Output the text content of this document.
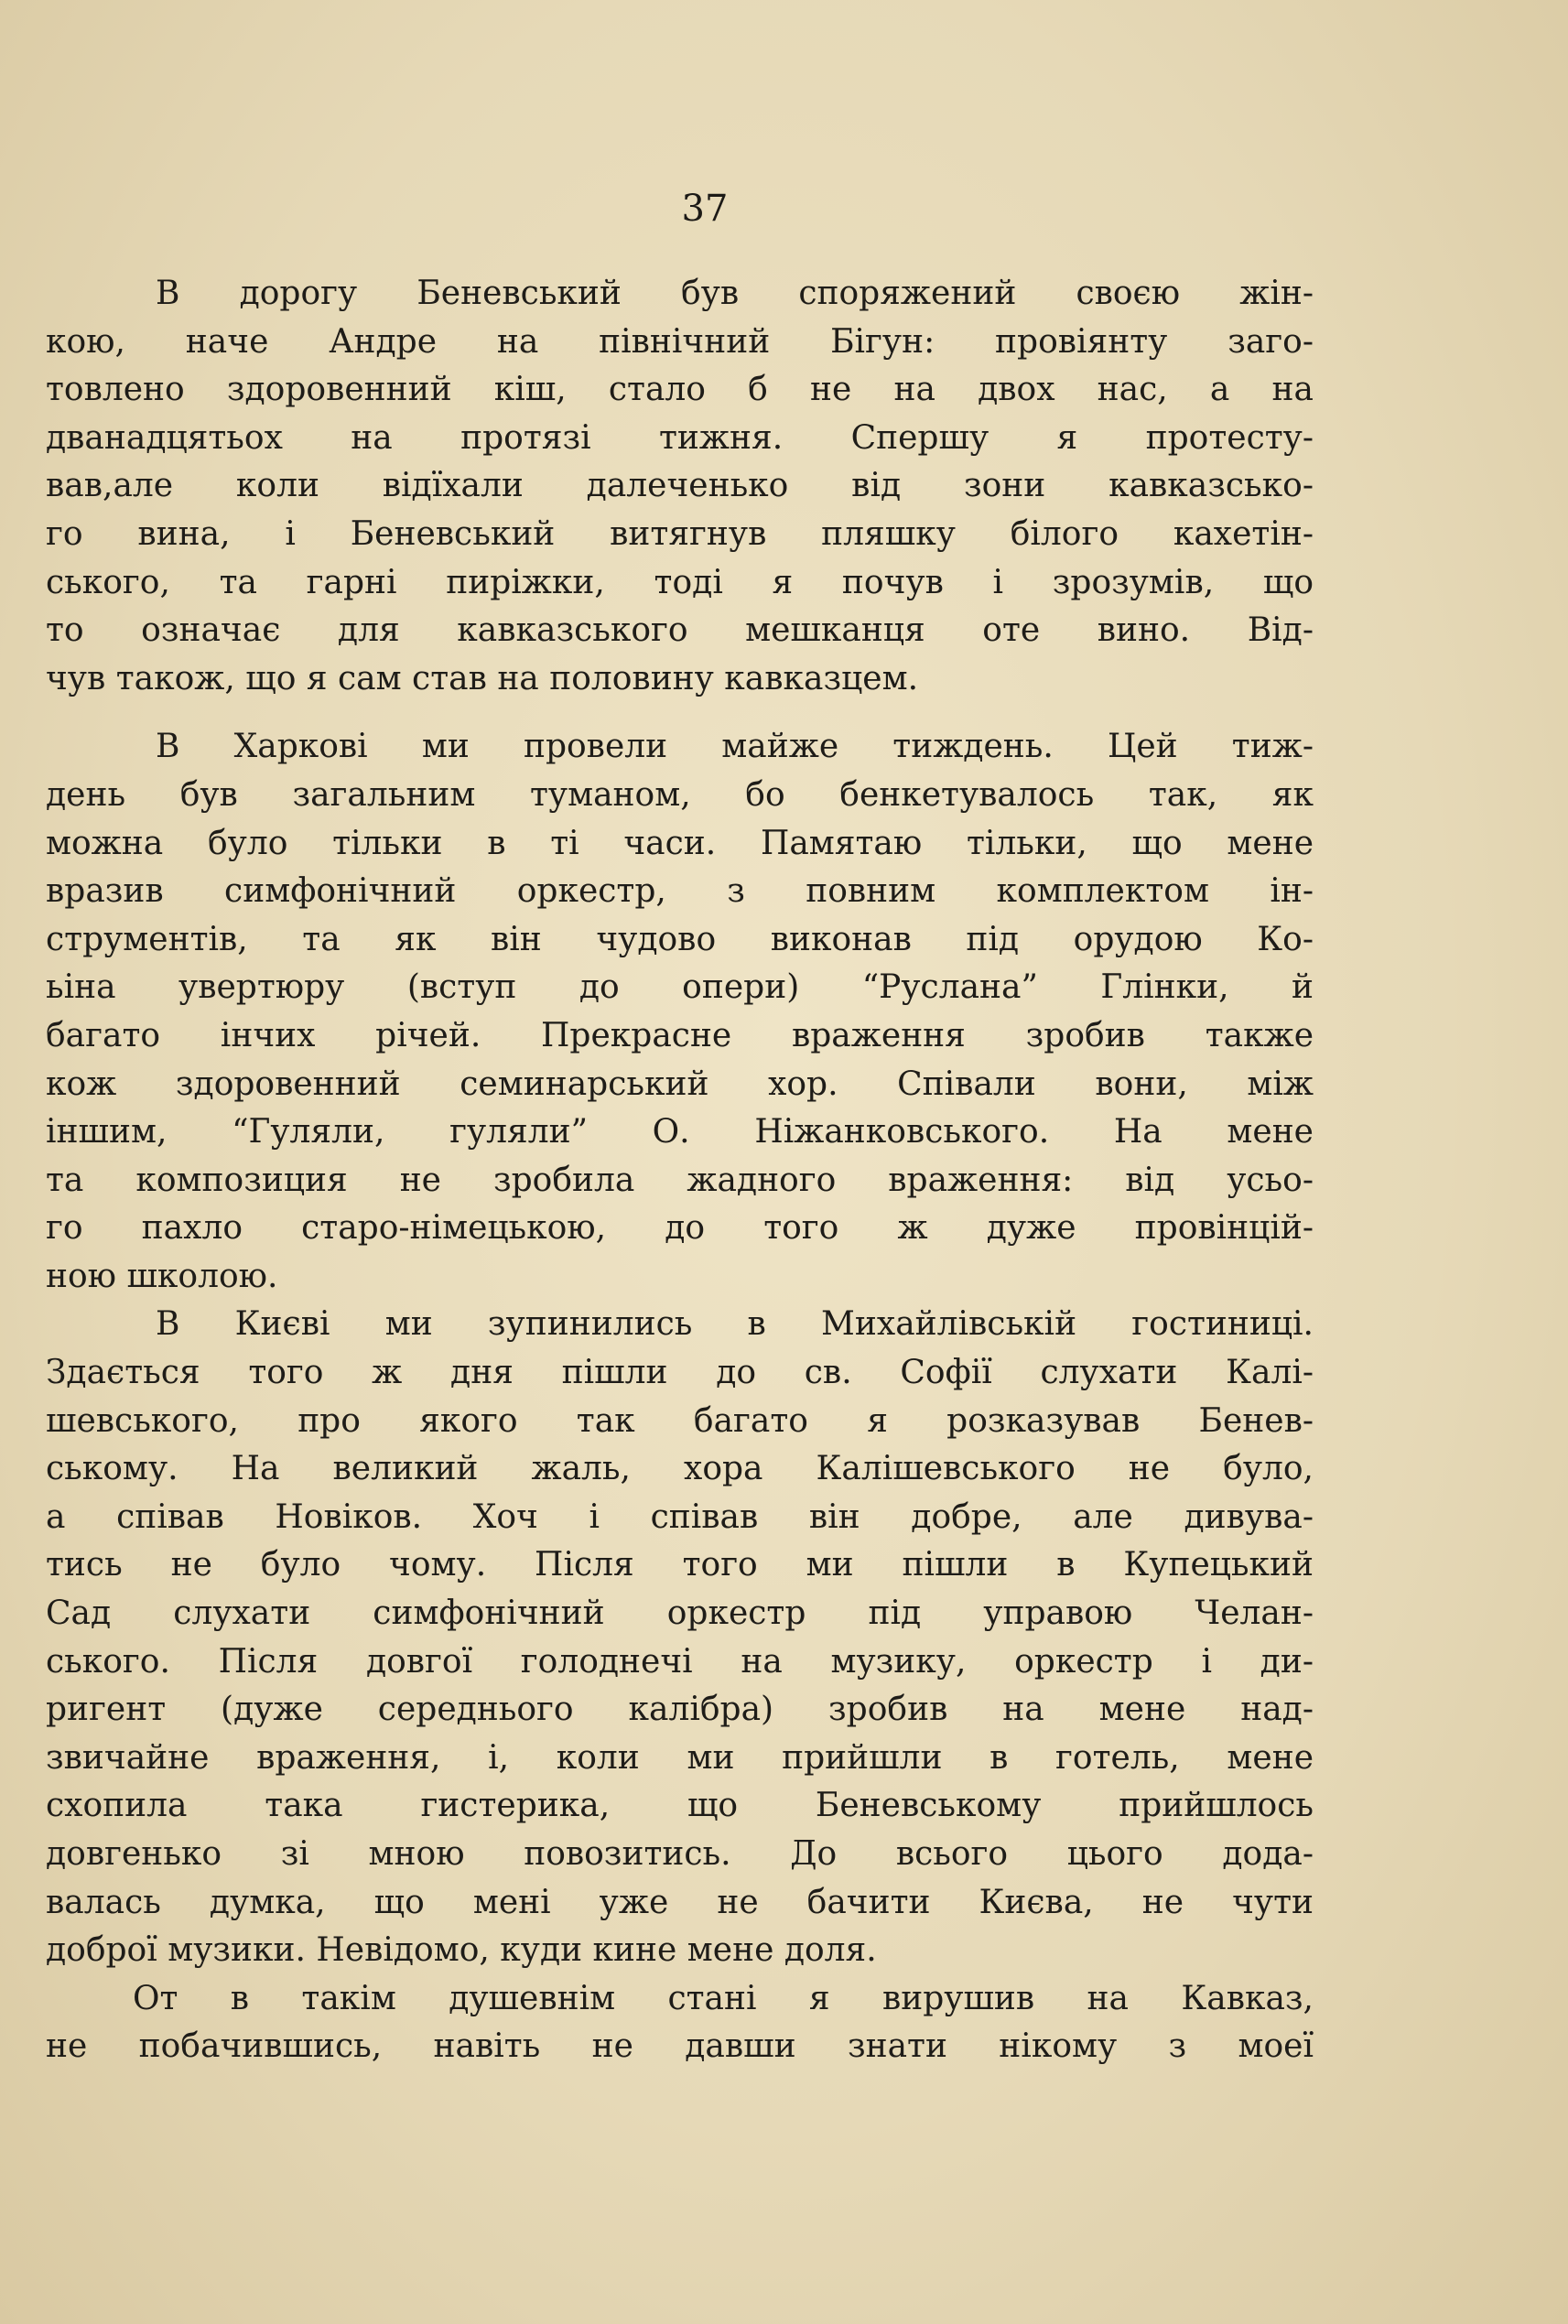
37
В дорогу Беневський був споряжений своєю жін-
кою, наче Андре на північний Бігун: провіянту заго-
товлено здоровенний кіш, стало б не на двох нас, а на
дванадцятьох на протязі тижня. Спершу я протесту-
вав,але коли відїхали далеченько від зони кавказсько-
го вина, і Беневський витягнув пляшку білого кахетін-
ського, та гарні пиріжки, тоді я почув і зрозумів, що
то означає для кавказського мешканця оте вино. Від-
чув також, що я сам став на половину кавказцем.
В Харкові ми провели майже тиждень. Цей тиж-
день був загальним туманом, бо бенкетувалось так, як
можна було тільки в ті часи. Памятаю тільки, що мене
вразив симфонічний оркестр, з повним комплектом ін-
струментів, та як він чудово виконав під орудою Ко-
ьіна увертюру (вступ до опери) “Руслана” Глінки, й
багато інчих річей. Прекрасне враження зробив также
кож здоровенний семинарський хор. Співали вони, між
іншим, “Гуляли, гуляли” О. Ніжанковського. На мене
та композиция не зробила жадного враження: від усьо-
го пахло старо-німецькою, до того ж дуже провінцій-
ною школою.
В Києві ми зупинились в Михайлівській гостиниці.
Здається того ж дня пішли до св. Софії слухати Калі-
шевського, про якого так багато я розказував Бенев-
ському. На великий жаль, хора Калішевського не було,
а співав Новіков. Хоч і співав він добре, але дивува-
тись не було чому. Після того ми пішли в Купецький
Сад слухати симфонічний оркестр під управою Челан-
ського. Після довгої голоднечі на музику, оркестр і ди-
ригент (дуже середнього калібра) зробив на мене над-
звичайне враження, і, коли ми прийшли в готель, мене
схопила така гистерика, що Беневському прийшлось
довгенько зі мною повозитись. До всього цього дода-
валась думка, що мені уже не бачити Києва, не чути
доброї музики. Невідомо, куди кине мене доля.
От в такім душевнім стані я вирушив на Кавказ,
не побачившись, навіть не давши знати нікому з моеї
